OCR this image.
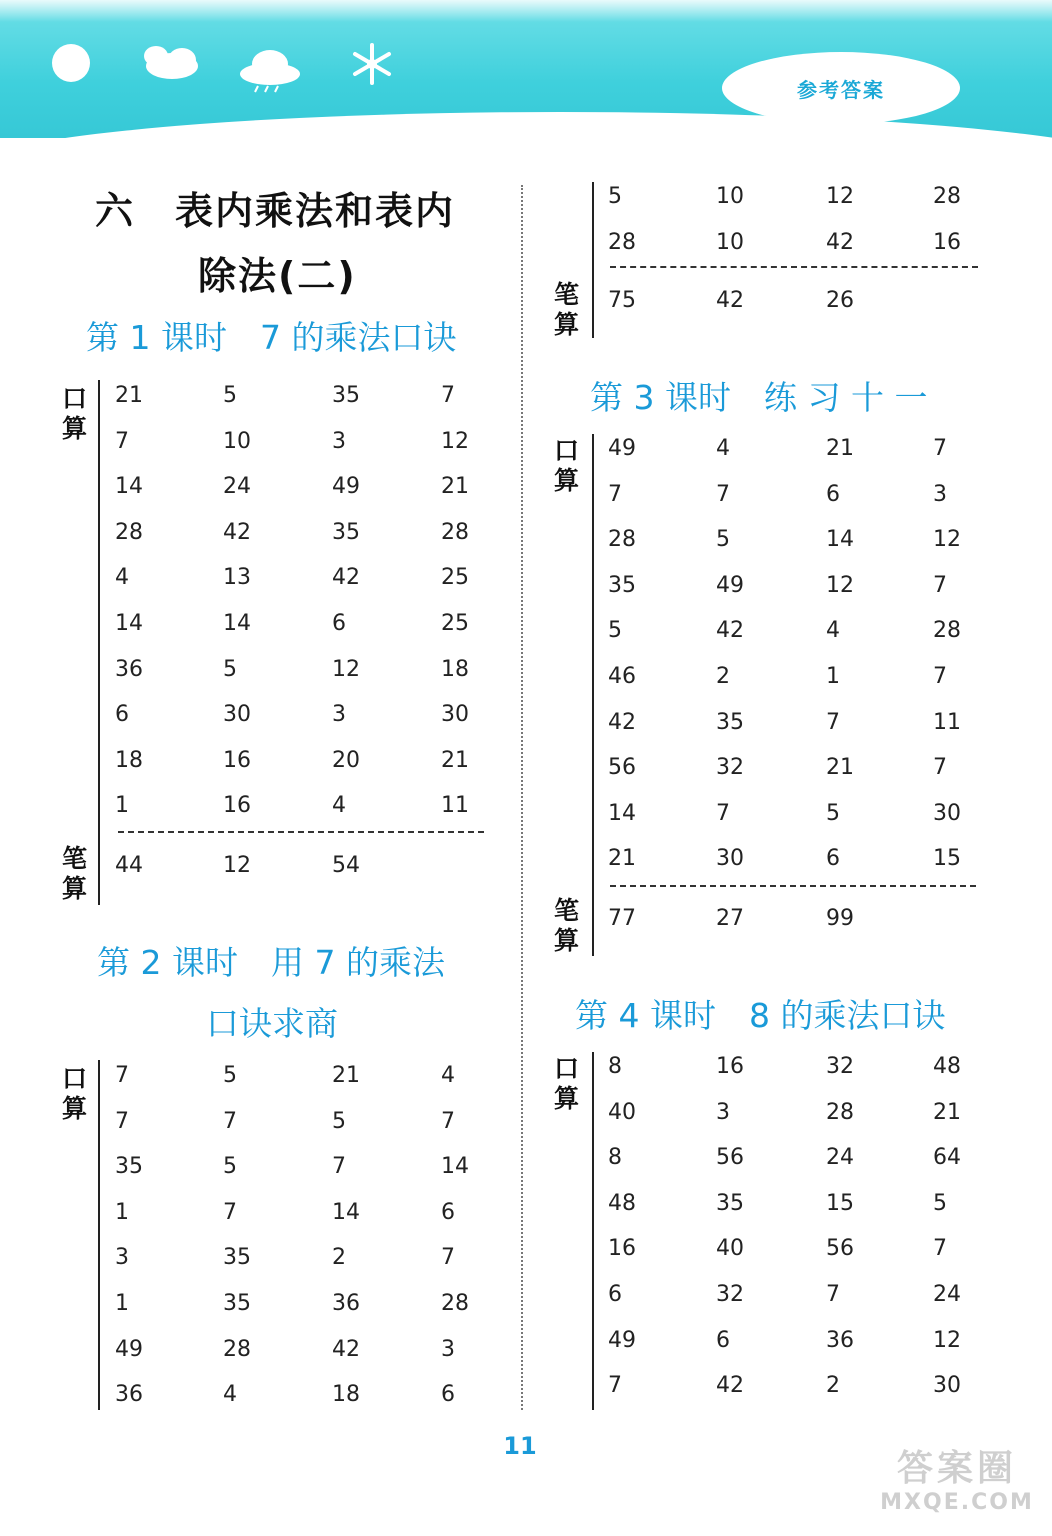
参考答案
六　表内乘法和表内
除法(二)
第 1 课时　7 的乘法口诀
第 2 课时　用 7 的乘法
口诀求商
第 3 课时　练 习 十 一
第 4 课时　8 的乘法口诀
口算
笔算
口算
笔算
口算
笔算
口算
21	5	35	7
7	10	3	12
14	24	49	21
28	42	35	28
4	13	42	25
14	14	6	25
36	5	12	18
6	30	3	30
18	16	20	21
1	16	4	11
44	12	54
7	5	21	4
7	7	5	7
35	5	7	14
1	7	14	6
3	35	2	7
1	35	36	28
49	28	42	3
36	4	18	6
5	10	12	28
28	10	42	16
75	42	26
49	4	21	7
7	7	6	3
28	5	14	12
35	49	12	7
5	42	4	28
46	2	1	7
42	35	7	11
56	32	21	7
14	7	5	30
21	30	6	15
77	27	99
8	16	32	48
40	3	28	21
8	56	24	64
48	35	15	5
16	40	56	7
6	32	7	24
49	6	36	12
7	42	2	30
11
答案圈
MXQE.COM
